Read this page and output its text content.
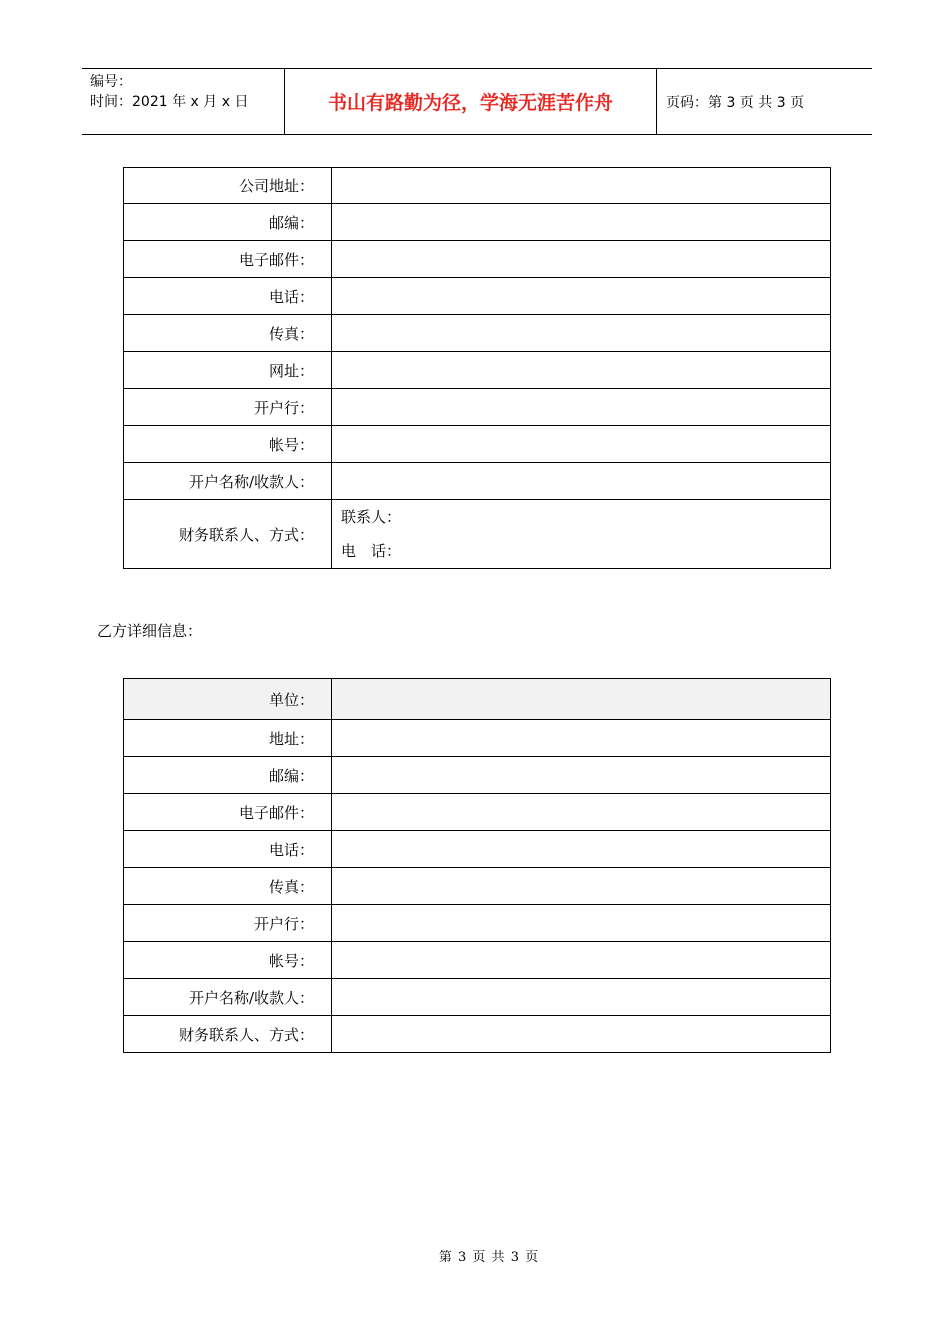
编号：
时间：2021 年 x 月 x 日	书山有路勤为径，学海无涯苦作舟	页码：第 3 页 共 3 页
公司地址：	
邮编：	
电子邮件：	
电话：	
传真：	
网址：	
开户行：	
帐号：	
开户名称/收款人：	
财务联系人、方式：	联系人：
电　话：
乙方详细信息：
单位：	
地址：	
邮编：	
电子邮件：	
电话：	
传真：	
开户行：	
帐号：	
开户名称/收款人：	
财务联系人、方式：	
第 3 页 共 3 页
